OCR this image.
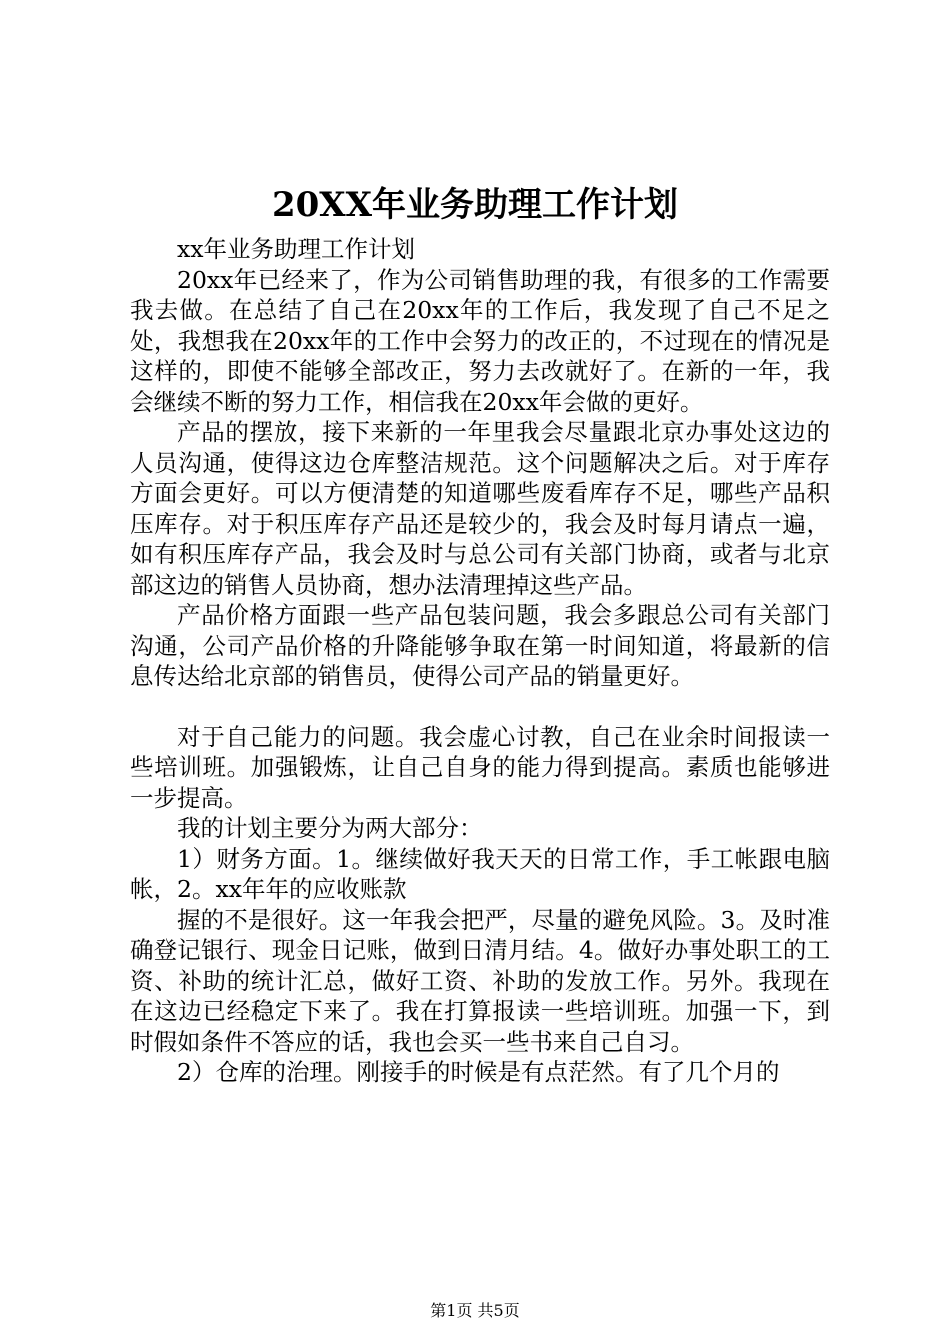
20XX年业务助理工作计划

xx年业务助理工作计划

20xx年已经来了，作为公司销售助理的我，有很多的工作需要我去做。在总结了自己在20xx年的工作后，我发现了自己不足之处，我想我在20xx年的工作中会努力的改正的，不过现在的情况是这样的，即使不能够全部改正，努力去改就好了。在新的一年，我会继续不断的努力工作，相信我在20xx年会做的更好。

产品的摆放，接下来新的一年里我会尽量跟北京办事处这边的人员沟通，使得这边仓库整洁规范。这个问题解决之后。对于库存方面会更好。可以方便清楚的知道哪些废看库存不足，哪些产品积压库存。对于积压库存产品还是较少的，我会及时每月请点一遍，如有积压库存产品，我会及时与总公司有关部门协商，或者与北京部这边的销售人员协商，想办法清理掉这些产品。

产品价格方面跟一些产品包装问题，我会多跟总公司有关部门沟通，公司产品价格的升降能够争取在第一时间知道，将最新的信息传达给北京部的销售员，使得公司产品的销量更好。

对于自己能力的问题。我会虚心讨教，自己在业余时间报读一些培训班。加强锻炼，让自己自身的能力得到提高。素质也能够进一步提高。

我的计划主要分为两大部分：

1）财务方面。1。继续做好我天天的日常工作，手工帐跟电脑帐，2。xx年年的应收账款

握的不是很好。这一年我会把严，尽量的避免风险。3。及时准确登记银行、现金日记账，做到日清月结。4。做好办事处职工的工资、补助的统计汇总，做好工资、补助的发放工作。另外。我现在在这边已经稳定下来了。我在打算报读一些培训班。加强一下，到时假如条件不答应的话，我也会买一些书来自己自习。

2）仓库的治理。刚接手的时候是有点茫然。有了几个月的

第1页 共5页
